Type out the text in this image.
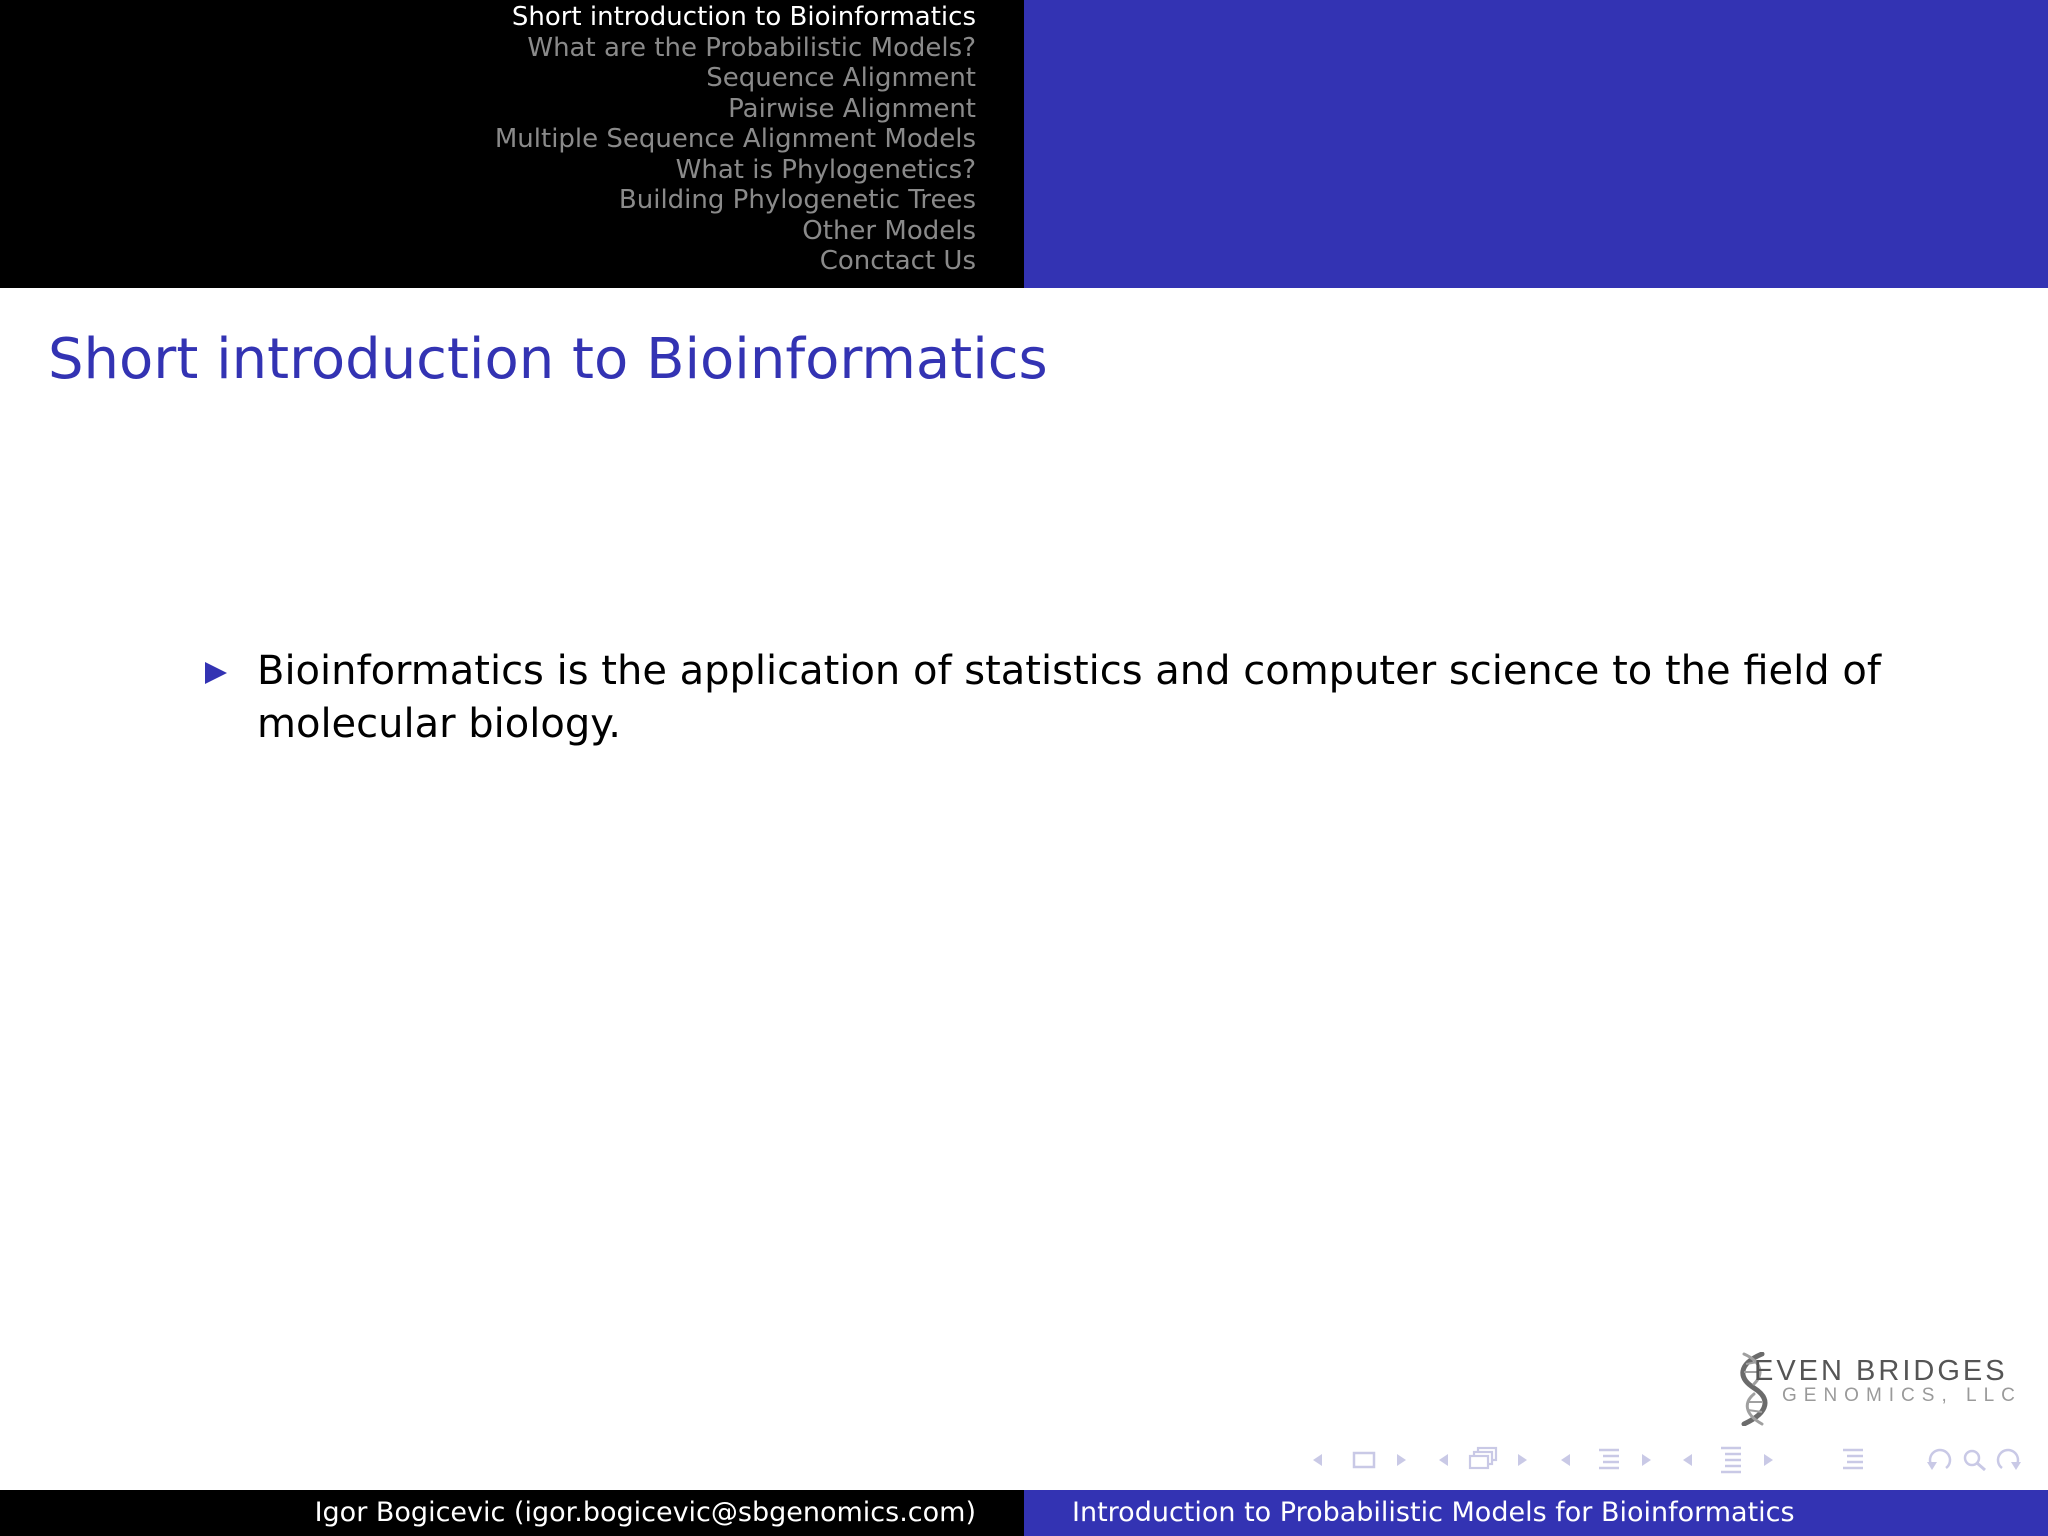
Short introduction to Bioinformatics
What are the Probabilistic Models?
Sequence Alignment
Pairwise Alignment
Multiple Sequence Alignment Models
What is Phylogenetics?
Building Phylogenetic Trees
Other Models
Conctact Us
Short introduction to Bioinformatics
Bioinformatics is the application of statistics and computer science to the field of molecular biology.
EVEN BRIDGES
GENOMICS, LLC
Igor Bogicevic (igor.bogicevic@sbgenomics.com)	Introduction to Probabilistic Models for Bioinformatics
